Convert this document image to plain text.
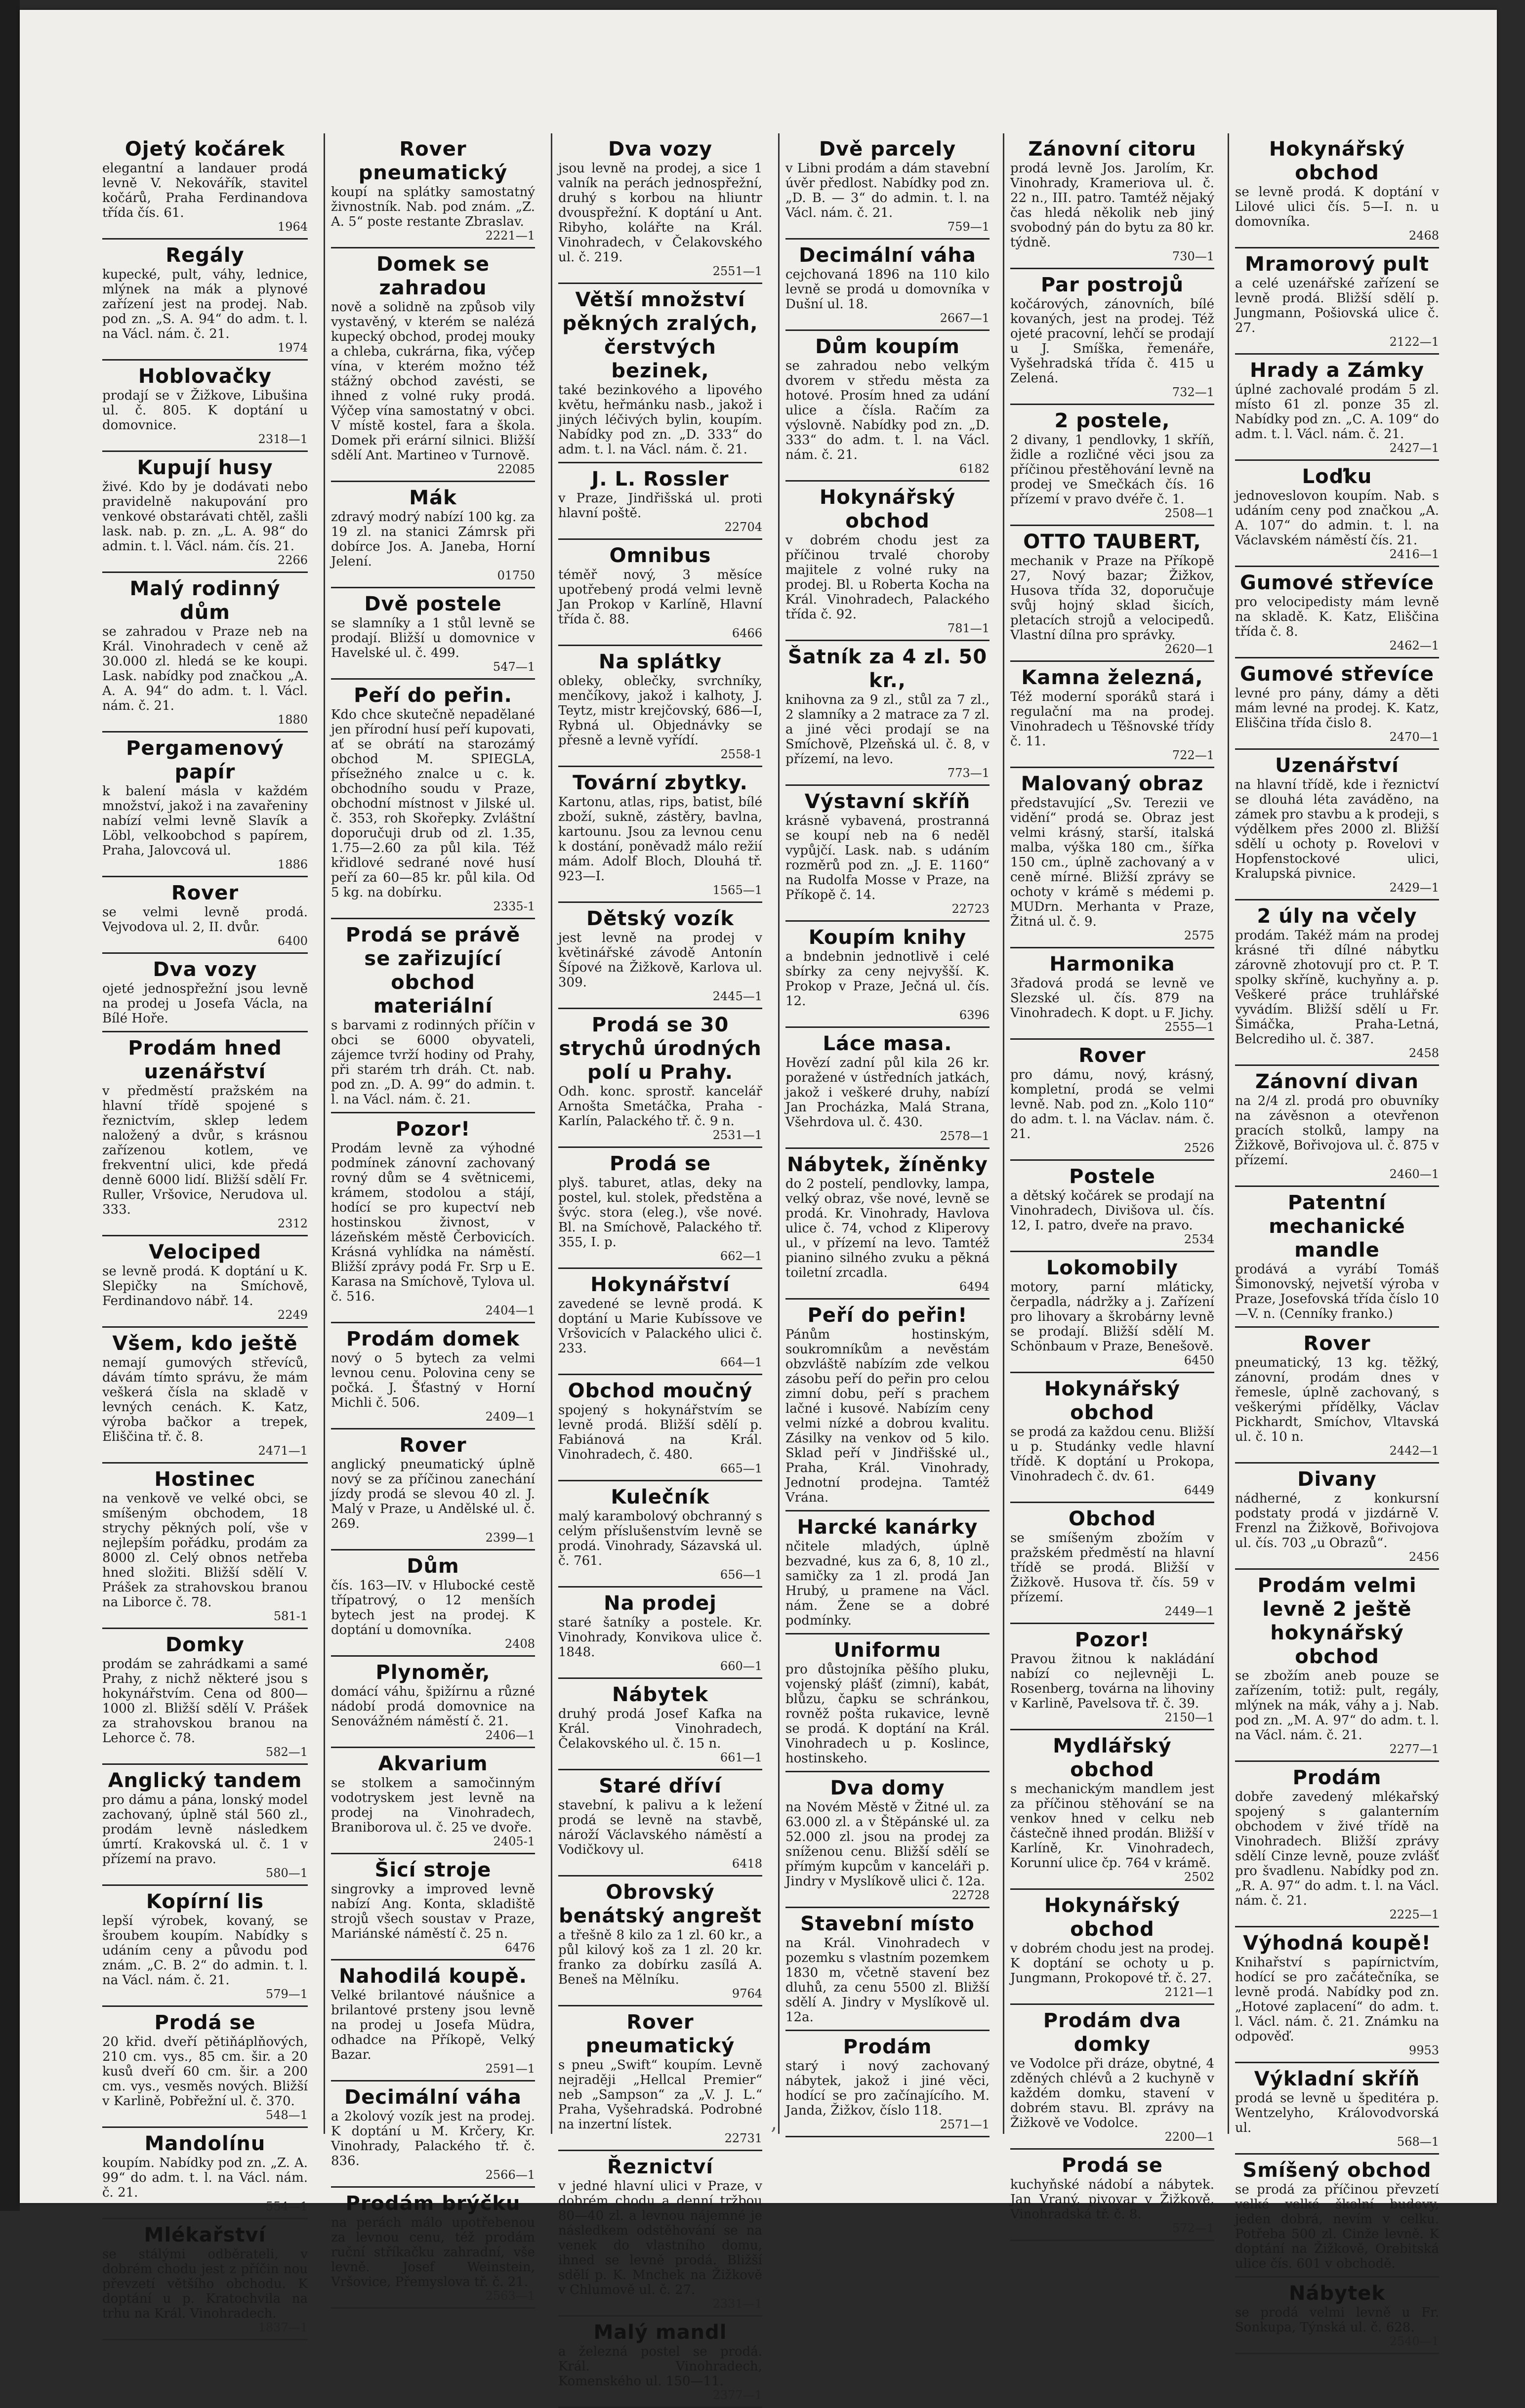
Ojetý kočárek
elegantní a landauer prodá levně V. Nekovářík, stavitel kočárů, Praha Ferdinandova třída čís. 61.
1964
Regály
kupecké, pult, váhy, lednice, mlýnek na mák a plynové zařízení jest na prodej. Nab. pod zn. „S. A. 94“ do adm. t. l. na Václ. nám. č. 21.
1974
Hoblovačky
prodají se v Žižkove, Libušina ul. č. 805. K doptání u domovnice.
2318—1
Kupují husy
živé. Kdo by je dodávati nebo pravidelně nakupování pro venkové obstarávati chtěl, zašli lask. nab. p. zn. „L. A. 98“ do admin. t. l. Václ. nám. čís. 21.
2266
Malý rodinný dům
se zahradou v Praze neb na Král. Vinohradech v ceně až 30.000 zl. hledá se ke koupi. Lask. nabídky pod značkou „A. A. A. 94“ do adm. t. l. Václ. nám. č. 21.
1880
Pergamenový papír
k balení másla v každém množství, jakož i na zavařeniny nabízí velmi levně Slavík a Löbl, velkoobchod s papírem, Praha, Jalovcová ul.
1886
Rover
se velmi levně prodá. Vejvodova ul. 2, II. dvůr.
6400
Dva vozy
ojeté jednospřežní jsou levně na prodej u Josefa Václa, na Bílé Hoře.
Prodám hned uzenářství
v předměstí pražském na hlavní třídě spojené s řeznictvím, sklep ledem naložený a dvůr, s krásnou zařízenou kotlem, ve frekventní ulici, kde předá denně 6000 lidí. Bližší sdělí Fr. Ruller, Vršovice, Nerudova ul. 333.
2312
Velociped
se levně prodá. K doptání u K. Slepičky na Smíchově, Ferdinandovo nábř. 14.
2249
Všem, kdo ještě
nemají gumových střevíců, dávám tímto správu, že mám veškerá čísla na skladě v levných cenách. K. Katz, výroba bačkor a trepek, Eliščina tř. č. 8.
2471—1
Hostinec
na venkově ve velké obci, se smíšeným obchodem, 18 strychy pěkných polí, vše v nejlepším pořádku, prodám za 8000 zl. Celý obnos netřeba hned složiti. Bližší sdělí V. Prášek za strahovskou branou na Liborce č. 78.
581-1
Domky
prodám se zahrádkami a samé Prahy, z nichž některé jsou s hokynářstvím. Cena od 800—1000 zl. Bližší sdělí V. Prášek za strahovskou branou na Lehorce č. 78.
582—1
Anglický tandem
pro dámu a pána, lonský model zachovaný, úplně stál 560 zl., prodám levně následkem úmrtí. Krakovská ul. č. 1 v přízemí na pravo.
580—1
Kopírní lis
lepší výrobek, kovaný, se šroubem koupím. Nabídky s udáním ceny a původu pod znám. „C. B. 2“ do admin. t. l. na Václ. nám. č. 21.
579—1
Prodá se
20 křid. dveří pětiňáplňových, 210 cm. vys., 85 cm. šir. a 20 kusů dveří 60 cm. šir. a 200 cm. vys., vesměs nových. Bližší v Karlině, Pobřežní ul. č. 370.
548—1
Mandolínu
koupím. Nabídky pod zn. „Z. A. 99“ do adm. t. l. na Václ. nám. č. 21.
554—1
Mlékařství
se stálými odběrateli, v dobrém chodu jest z příčin nou převzetí většího obchodu. K doptání u p. Kratochvila na trhu na Král. Vinohradech.
1837—1
Rover pneumatický
koupí na splátky samostatný živnostník. Nab. pod znám. „Z. A. 5“ poste restante Zbraslav.
2221—1
Domek se zahradou
nově a solidně na způsob vily vystavěný, v kterém se nalézá kupecký obchod, prodej mouky a chleba, cukrárna, fika, výčep vína, v kterém možno též stážný obchod zavésti, se ihned z volné ruky prodá. Výčep vína samostatný v obci. V místě kostel, fara a škola. Domek při erární silnici. Bližší sdělí Ant. Martineo v Turnově.
22085
Mák
zdravý modrý nabízí 100 kg. za 19 zl. na stanici Zámrsk při dobírce Jos. A. Janeba, Horní Jelení.
01750
Dvě postele
se slamníky a 1 stůl levně se prodají. Bližší u domovnice v Havelské ul. č. 499.
547—1
Peří do peřin.
Kdo chce skutečně nepadělané jen přírodní husí peří kupovati, ať se obrátí na starozámý obchod M. SPIEGLA, přísežného znalce u c. k. obchodního soudu v Praze, obchodní místnost v Jilské ul. č. 353, roh Skořepky. Zvláštní doporučuji drub od zl. 1.35, 1.75—2.60 za půl kila. Též křidlové sedrané nové husí peří za 60—85 kr. půl kila. Od 5 kg. na dobírku.
2335-1
Prodá se právě se zařizující obchod materiální
s barvami z rodinných příčin v obci se 6000 obyvateli, zájemce tvrží hodiny od Prahy, při starém trh dráh. Ct. nab. pod zn. „D. A. 99“ do admin. t. l. na Václ. nám. č. 21.
Pozor!
Prodám levně za výhodné podmínek zánovní zachovaný rovný dům se 4 světnicemi, krámem, stodolou a stájí, hodící se pro kupectví neb hostinskou živnost, v lázeňském městě Čerbovicích. Krásná vyhlídka na náměstí. Bližší zprávy podá Fr. Srp u E. Karasa na Smíchově, Tylova ul. č. 516.
2404—1
Prodám domek
nový o 5 bytech za velmi levnou cenu. Polovina ceny se počká. J. Šťastný v Horní Michli č. 506.
2409—1
Rover
anglický pneumatický úplně nový se za příčinou zanechání jízdy prodá se slevou 40 zl. J. Malý v Praze, u Andělské ul. č. 269.
2399—1
Dům
čís. 163—IV. v Hlubocké cestě třípatrový, o 12 menších bytech jest na prodej. K doptání u domovníka.
2408
Plynoměr,
domácí váhu, špižírnu a různé nádobí prodá domovnice na Senovážném náměstí č. 21.
2406—1
Akvarium
se stolkem a samočinným vodotryskem jest levně na prodej na Vinohradech, Braniborova ul. č. 25 ve dvoře.
2405-1
Šicí stroje
singrovky a improved levně nabízí Ang. Konta, skladiště strojů všech soustav v Praze, Mariánské náměstí č. 25 n.
6476
Nahodilá koupě.
Velké brilantové náušnice a brilantové prsteny jsou levně na prodej u Josefa Müdra, odhadce na Příkopě, Velký Bazar.
2591—1
Decimální váha
a 2kolový vozík jest na prodej. K doptání u M. Krčery, Kr. Vinohrady, Palackého tř. č. 836.
2566—1
Prodám brýčku
na perách málo upotřebenou za levnou cenu, též prodám ruční stříkačku zahradní, vše levně. Josef Weinstein, Vršovice, Přemyslova tř. č. 21.
2563—1
Dva vozy
jsou levně na prodej, a sice 1 valník na perách jednospřežní, druhý s korbou na hliuntr dvouspřežní. K doptání u Ant. Ribyho, kolářte na Král. Vinohradech, v Čelakovského ul. č. 219.
2551—1
Větší množství pěkných zralých, čerstvých bezinek,
také bezinkového a lipového květu, heřmánku nasb., jakož i jiných léčivých bylin, koupím. Nabídky pod zn. „D. 333“ do adm. t. l. na Václ. nám. č. 21.
J. L. Rossler
v Praze, Jindřišská ul. proti hlavní poště.
22704
Omnibus
téměř nový, 3 měsíce upotřebený prodá velmi levně Jan Prokop v Karlíně, Hlavní třída č. 88.
6466
Na splátky
obleky, oblečky, svrchníky, menčíkovy, jakož i kalhoty, J. Teytz, mistr krejčovský, 686—I, Rybná ul. Objednávky se přesně a levně vyřídí.
2558-1
Tovární zbytky.
Kartonu, atlas, rips, batist, bílé zboží, sukně, zástěry, bavlna, kartounu. Jsou za levnou cenu k dostání, poněvadž málo režií mám. Adolf Bloch, Dlouhá tř. 923—I.
1565—1
Dětský vozík
jest levně na prodej v květinářské závodě Antonín Šípové na Žižkově, Karlova ul. 309.
2445—1
Prodá se 30 strychů úrodných polí u Prahy.
Odh. konc. sprostř. kancelář Arnošta Smetáčka, Praha - Karlín, Palackého tř. č. 9 n.
2531—1
Prodá se
plyš. taburet, atlas, deky na postel, kul. stolek, předstěna a švýc. stora (eleg.), vše nové. Bl. na Smíchově, Palackého tř. 355, I. p.
662—1
Hokynářství
zavedené se levně prodá. K doptání u Marie Kubíssove ve Vršovicích v Palackého ulici č. 233.
664—1
Obchod moučný
spojený s hokynářstvím se levně prodá. Bližší sdělí p. Fabiánová na Král. Vinohradech, č. 480.
665—1
Kulečník
malý karambolový obchranný s celým příslušenstvím levně se prodá. Vinohrady, Sázavská ul. č. 761.
656—1
Na prodej
staré šatníky a postele. Kr. Vinohrady, Konvikova ulice č. 1848.
660—1
Nábytek
druhý prodá Josef Kafka na Král. Vinohradech, Čelakovského ul. č. 15 n.
661—1
Staré dříví
stavební, k palivu a k ležení prodá se levně na stavbě, nároží Václavského náměstí a Vodičkovy ul.
6418
Obrovský benátský angrešt
a třešně 8 kilo za 1 zl. 60 kr., a půl kilový koš za 1 zl. 20 kr. franko za dobírku zasílá A. Beneš na Mělníku.
9764
Rover pneumatický
s pneu „Swift“ koupím. Levně nejraději „Hellcal Premier“ neb „Sampson“ za „V. J. L.“ Praha, Vyšehradská. Podrobné na inzertní lístek.
22731
Řeznictví
v jedné hlavní ulici v Praze, v dobrém chodu a denní tržbou 80—40 zl. a levnou nájemné je následkem odstěhování se na venek do vlastního domu, ihned se levně prodá. Bližší sdělí p. K. Mnchek na Žižkově v Chlumově ul. č. 27.
2331—1
Malý mandl
a železná postel se prodá. Král. Vinohradech, Komenského ul. 150—11.
2377—1
Dvě parcely
v Libni prodám a dám stavební úvěr předlost. Nabídky pod zn. „D. B. — 3“ do admin. t. l. na Václ. nám. č. 21.
759—1
Decimální váha
cejchovaná 1896 na 110 kilo levně se prodá u domovníka v Dušní ul. 18.
2667—1
Dům koupím
se zahradou nebo velkým dvorem v středu města za hotové. Prosím hned za udání ulice a čísla. Račím za výslovně. Nabídky pod zn. „D. 333“ do adm. t. l. na Václ. nám. č. 21.
6182
Hokynářský obchod
v dobrém chodu jest za příčinou trvalé choroby majitele z volné ruky na prodej. Bl. u Roberta Kocha na Král. Vinohradech, Palackého třída č. 92.
781—1
Šatník za 4 zl. 50 kr.,
knihovna za 9 zl., stůl za 7 zl., 2 slamníky a 2 matrace za 7 zl. a jiné věci prodají se na Smíchově, Plzeňská ul. č. 8, v přízemí, na levo.
773—1
Výstavní skříň
krásně vybavená, prostranná se koupí neb na 6 neděl vypůjčí. Lask. nab. s udáním rozměrů pod zn. „J. E. 1160“ na Rudolfa Mosse v Praze, na Příkopě č. 14.
22723
Koupím knihy
a bndebnin jednotlivě i celé sbírky za ceny nejvyšší. K. Prokop v Praze, Ječná ul. čís. 12.
6396
Láce masa.
Hovězí zadní půl kila 26 kr. poražené v ústředních jatkách, jakož i veškeré druhy, nabízí Jan Procházka, Malá Strana, Všehrdova ul. č. 430.
2578—1
Nábytek, žíněnky
do 2 postelí, pendlovky, lampa, velký obraz, vše nové, levně se prodá. Kr. Vinohrady, Havlova ulice č. 74, vchod z Kliperovy ul., v přízemí na levo. Tamtéž pianino silného zvuku a pěkná toiletní zrcadla.
6494
Peří do peřin!
Pánům hostinským, soukromníkům a nevěstám obzvláště nabízím zde velkou zásobu peří do peřin pro celou zimní dobu, peří s prachem lačné i kusové. Nabízím ceny velmi nízké a dobrou kvalitu. Zásilky na venkov od 5 kilo. Sklad peří v Jindřišské ul., Praha, Král. Vinohrady, Jednotní prodejna. Tamtéž Vrána.
Harcké kanárky
nčitele mladých, úplně bezvadné, kus za 6, 8, 10 zl., samičky za 1 zl. prodá Jan Hrubý, u pramene na Václ. nám. Žene se a dobré podmínky.
Uniformu
pro důstojníka pěšího pluku, vojenský plášť (zimní), kabát, blůzu, čapku se schránkou, rovněž pošta rukavice, levně se prodá. K doptání na Král. Vinohradech u p. Koslince, hostinskeho.
Dva domy
na Novém Městě v Žitné ul. za 63.000 zl. a v Štěpánské ul. za 52.000 zl. jsou na prodej za sníženou cenu. Bližší sdělí se přímým kupcům v kanceláři p. Jindry v Myslíkově ulici č. 12a.
22728
Stavební místo
na Král. Vinohradech v pozemku s vlastním pozemkem 1830 m, včetně stavení bez dluhů, za cenu 5500 zl. Bližší sdělí A. Jindry v Myslíkově ul. 12a.
Prodám
starý i nový zachovaný nábytek, jakož i jiné věci, hodící se pro začínajícího. M. Janda, Žižkov, číslo 118.
2571—1
Zánovní citoru
prodá levně Jos. Jarolím, Kr. Vinohrady, Krameriova ul. č. 22 n., III. patro. Tamtéž nějaký čas hledá několik neb jiný svobodný pán do bytu za 80 kr. týdně.
730—1
Par postrojů
kočárových, zánovních, bílé kovaných, jest na prodej. Též ojeté pracovní, lehčí se prodají u J. Smíška, řemenáře, Vyšehradská třída č. 415 u Zelená.
732—1
2 postele,
2 divany, 1 pendlovky, 1 skříň, židle a rozličné věci jsou za příčinou přestěhování levně na prodej ve Smečkách čís. 16 přízemí v pravo dvéře č. 1.
2508—1
OTTO TAUBERT,
mechanik v Praze na Příkopě 27, Nový bazar; Žižkov, Husova třída 32, doporučuje svůj hojný sklad šicích, pletacích strojů a velocipedů. Vlastní dílna pro správky.
2620—1
Kamna železná,
Též moderní sporáků stará i regulační ma na prodej. Vinohradech u Těšnovské třídy č. 11.
722—1
Malovaný obraz
představující „Sv. Terezii ve vidění“ prodá se. Obraz jest velmi krásný, starší, italská malba, výška 180 cm., šířka 150 cm., úplně zachovaný a v ceně mírné. Bližší zprávy se ochoty v krámě s médemi p. MUDrn. Merhanta v Praze, Žitná ul. č. 9.
2575
Harmonika
3řadová prodá se levně ve Slezské ul. čís. 879 na Vinohradech. K dopt. u F. Jichy.
2555—1
Rover
pro dámu, nový, krásný, kompletní, prodá se velmi levně. Nab. pod zn. „Kolo 110“ do adm. t. l. na Václav. nám. č. 21.
2526
Postele
a dětský kočárek se prodají na Vinohradech, Divišova ul. čís. 12, I. patro, dveře na pravo.
2534
Lokomobily
motory, parní mláticky, čerpadla, nádržky a j. Zařízení pro lihovary a škrobárny levně se prodají. Bližší sdělí M. Schönbaum v Praze, Benešově.
6450
Hokynářský obchod
se prodá za každou cenu. Bližší u p. Studánky vedle hlavní třídě. K doptání u Prokopa, Vinohradech č. dv. 61.
6449
Obchod
se smíšeným zbožím v pražském předměstí na hlavní třídě se prodá. Bližší v Žižkově. Husova tř. čís. 59 v přízemí.
2449—1
Pozor!
Pravou žitnou k nakládání nabízí co nejlevněji L. Rosenberg, továrna na lihoviny v Karlině, Pavelsova tř. č. 39.
2150—1
Mydlářský obchod
s mechanickým mandlem jest za příčinou stěhování se na venkov hned v celku neb částečně ihned prodán. Bližší v Karlíně, Kr. Vinohradech, Korunní ulice čp. 764 v krámě.
2502
Hokynářský obchod
v dobrém chodu jest na prodej. K doptání se ochoty u p. Jungmann, Prokopové tř. č. 27.
2121—1
Prodám dva domky
ve Vodolce při dráze, obytné, 4 zděných chlévů a 2 kuchyně v každém domku, stavení v dobrém stavu. Bl. zprávy na Žižkově ve Vodolce.
2200—1
Prodá se
kuchyňské nádobí a nábytek. Jan Vraný, pivovar v Žižkově, Vinohradská tř. č. 8.
572—1
Hokynářský obchod
se levně prodá. K doptání v Lilové ulici čís. 5—I. n. u domovníka.
2468
Mramorový pult
a celé uzenářské zařízení se levně prodá. Bližší sdělí p. Jungmann, Pošiovská ulice č. 27.
2122—1
Hrady a Zámky
úplné zachovalé prodám 5 zl. místo 61 zl. ponze 35 zl. Nabídky pod zn. „C. A. 109“ do adm. t. l. Václ. nám. č. 21.
2427—1
Loďku
jednoveslovon koupím. Nab. s udáním ceny pod značkou „A. A. 107“ do admin. t. l. na Václavském náměstí čís. 21.
2416—1
Gumové střevíce
pro velocipedisty mám levně na skladě. K. Katz, Eliščina třída č. 8.
2462—1
Gumové střevíce
levné pro pány, dámy a děti mám levné na prodej. K. Katz, Eliščina třída čislo 8.
2470—1
Uzenářství
na hlavní třídě, kde i řeznictví se dlouhá léta zaváděno, na zámek pro stavbu a k prodeji, s výdělkem přes 2000 zl. Bližší sdělí u ochoty p. Rovelovi v Hopfenstockové ulici, Kralupská pivnice.
2429—1
2 úly na včely
prodám. Takéž mám na prodej krásné tři dílné nábytku zárovně zhotovují pro ct. P. T. spolky skříně, kuchyňny a. p. Veškeré práce truhlářské vyvádím. Bližší sdělí u Fr. Šimáčka, Praha-Letná, Belcrediho ul. č. 387.
2458
Zánovní divan
na 2/4 zl. prodá pro obuvníky na závěsnon a otevřenon pracích stolků, lampy na Žižkově, Bořivojova ul. č. 875 v přízemí.
2460—1
Patentní mechanické mandle
prodává a vyrábí Tomáš Šimonovský, nejvetší výroba v Praze, Josefovská třída číslo 10—V. n. (Cenníky franko.)
Rover
pneumatický, 13 kg. těžký, zánovní, prodám dnes v řemesle, úplně zachovaný, s veškerými přídělky, Václav Pickhardt, Smíchov, Vltavská ul. č. 10 n.
2442—1
Divany
nádherné, z konkursní podstaty prodá v jizdárně V. Frenzl na Žižkově, Bořivojova ul. čís. 703 „u Obrazů“.
2456
Prodám velmi levně 2 ještě hokynářský obchod
se zbožím aneb pouze se zařízením, totiž: pult, regály, mlýnek na mák, váhy a j. Nab. pod zn. „M. A. 97“ do adm. t. l. na Václ. nám. č. 21.
2277—1
Prodám
dobře zavedený mlékařský spojený s galanterním obchodem v živé třídě na Vinohradech. Bližší zprávy sdělí Cinze levně, pouze zvlášť pro švadlenu. Nabídky pod zn. „R. A. 97“ do adm. t. l. na Václ. nám. č. 21.
2225—1
Výhodná koupě!
Knihařství s papírnictvím, hodící se pro začátečníka, se levně prodá. Nabídky pod zn. „Hotové zaplacení“ do adm. t. l. Václ. nám. č. 21. Známku na odpověď.
9953
Výkladní skříň
prodá se levně u špeditéra p. Wentzelyho, Královodvorská ul.
568—1
Smíšený obchod
se prodá za příčinou převzetí velké velké školní budovy, jeden dobrá, nevím v celku. Potřeba 500 zl. Cinže levně. K doptání na Žižkově, Orebitská ulice čís. 601 v obchodě.
Nábytek
se prodá velmi levně u Fr. Sonkupa, Týnská ul. č. 628.
2540—1
‚
